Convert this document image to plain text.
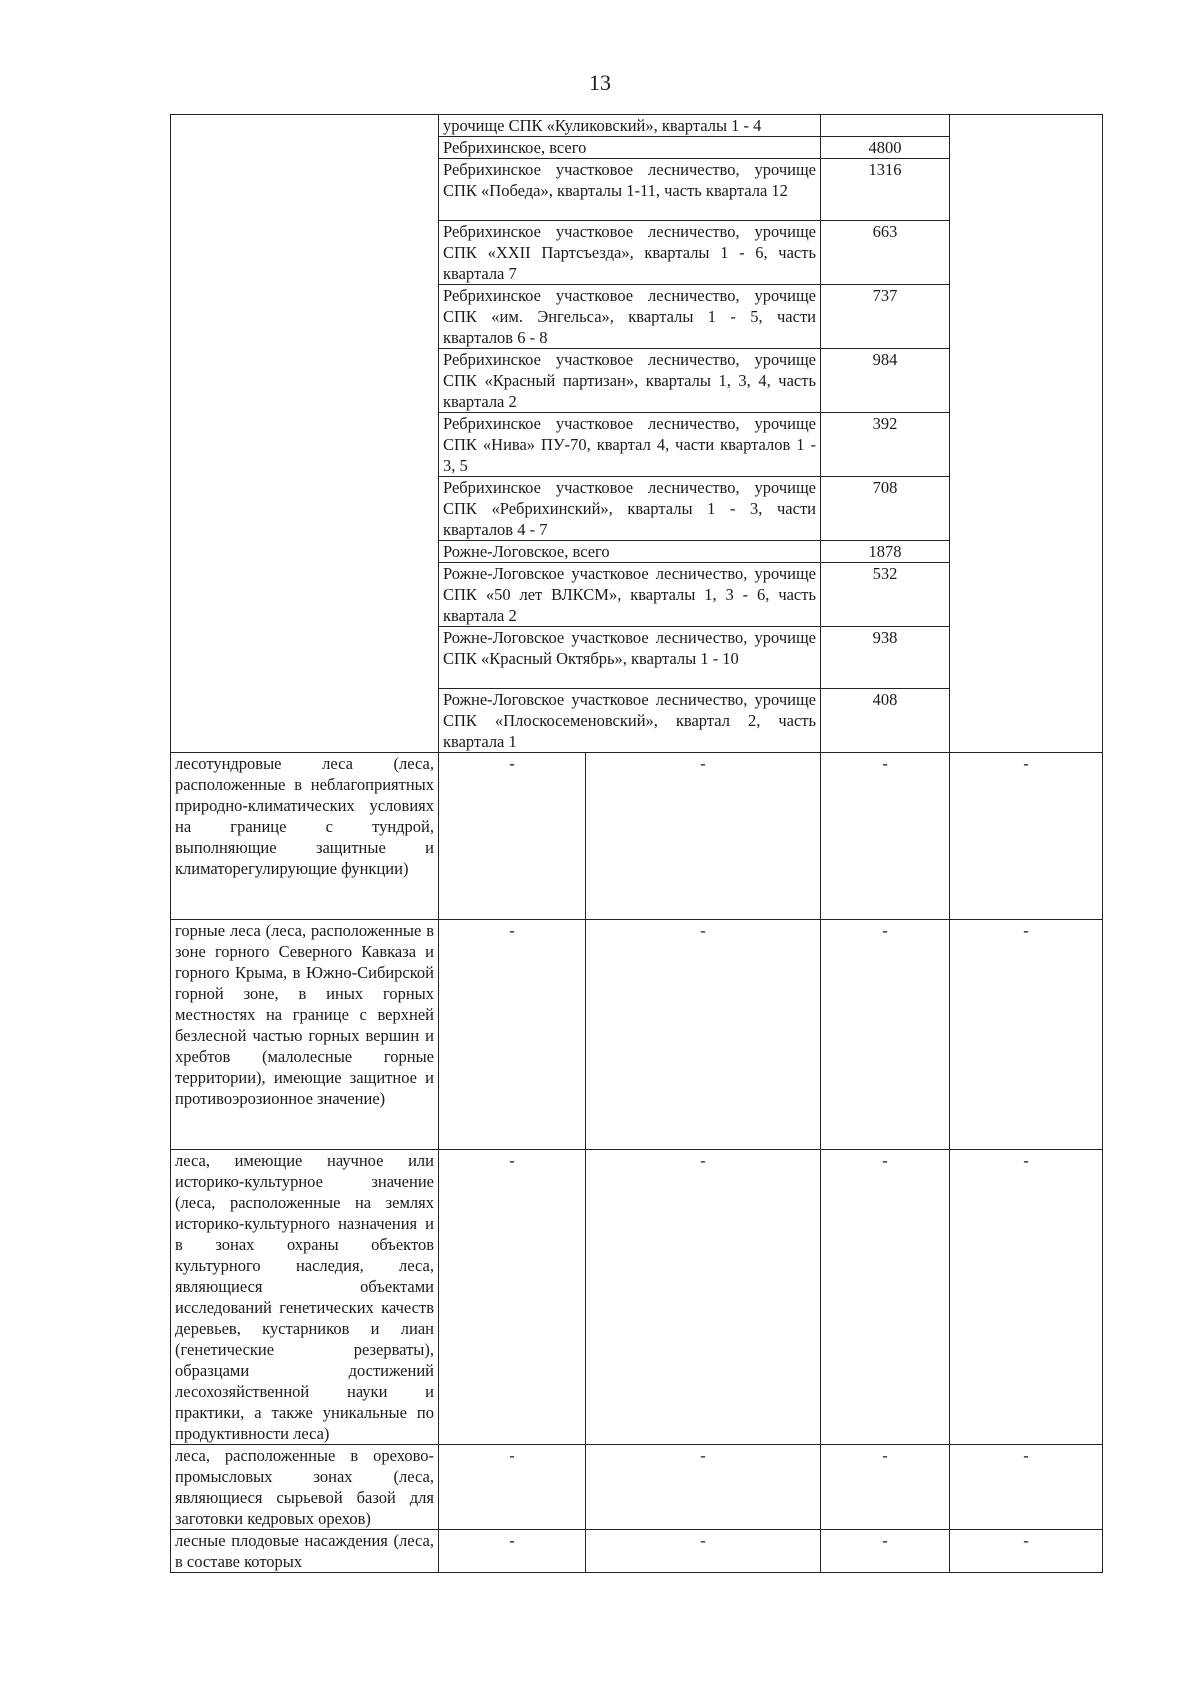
13
	урочище СПК «Куликовский», кварталы 1 - 4			
	Ребрихинское, всего		4800	
	Ребрихинское участковое лесничество, урочище СПК «Победа», кварталы 1-11, часть квартала 12		1316	
	Ребрихинское участковое лесничество, урочище СПК «XXII Партсъезда», кварталы 1 - 6, часть квартала 7		663	
	Ребрихинское участковое лесничество, урочище СПК «им. Энгельса», кварталы 1 - 5, части кварталов 6 - 8		737	
	Ребрихинское участковое лесничество, урочище СПК «Красный партизан», кварталы 1, 3, 4, часть квартала 2		984	
	Ребрихинское участковое лесничество, урочище СПК «Нива» ПУ-70, квартал 4, части кварталов 1 - 3, 5		392	
	Ребрихинское участковое лесничество, урочище СПК «Ребрихинский», кварталы 1 - 3, части кварталов 4 - 7		708	
	Рожне-Логовское, всего		1878	
	Рожне-Логовское участковое лесничество, урочище СПК «50 лет ВЛКСМ», кварталы 1, 3 - 6, часть квартала 2		532	
	Рожне-Логовское участковое лесничество, урочище СПК «Красный Октябрь», кварталы 1 - 10		938	
	Рожне-Логовское участковое лесничество, урочище СПК «Плоскосеменовский», квартал 2, часть квартала 1		408	
лесотундровые леса (леса, расположенные в неблагоприятных природно-климатических условиях на границе с тундрой, выполняющие защитные и климаторегулирующие функции)	-	-	-	-
горные леса (леса, расположенные в зоне горного Северного Кавказа и горного Крыма, в Южно-Сибирской горной зоне, в иных горных местностях на границе с верхней безлесной частью горных вершин и хребтов (малолесные горные территории), имеющие защитное и противоэрозионное значение)	-	-	-	-
леса, имеющие научное или историко-культурное значение (леса, расположенные на землях историко-культурного назначения и в зонах охраны объектов культурного наследия, леса, являющиеся объектами исследований генетических качеств деревьев, кустарников и лиан (генетические резерваты), образцами достижений лесохозяйственной науки и практики, а также уникальные по продуктивности леса)	-	-	-	-
леса, расположенные в орехово-промысловых зонах (леса, являющиеся сырьевой базой для заготовки кедровых орехов)	-	-	-	-
лесные плодовые насаждения (леса, в составе которых	-	-	-	-
